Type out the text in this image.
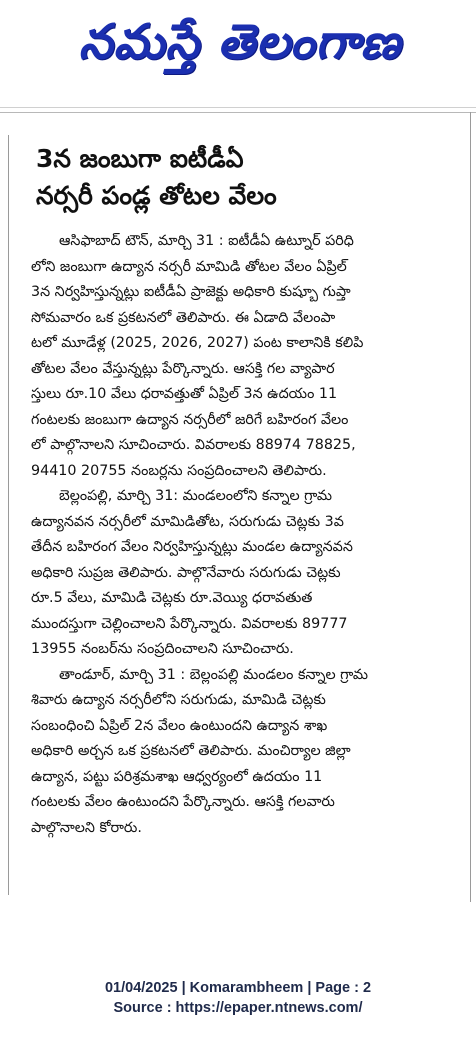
నమస్తే తెలంగాణ
3న జంబుగా ఐటీడీఏ
నర్సరీ పండ్ల తోటల వేలం
ఆసిఫాబాద్ టౌన్, మార్చి 31 : ఐటీడీఏ ఉట్నూర్ పరిధి
లోని జంబుగా ఉద్యాన నర్సరీ మామిడి తోటల వేలం ఏప్రిల్
3న నిర్వహిస్తున్నట్లు ఐటీడీఏ ప్రాజెక్టు అధికారి కుష్బూ గుప్తా
సోమవారం ఒక ప్రకటనలో తెలిపారు. ఈ ఏడాది వేలంపా
టలో మూడేళ్ల (2025, 2026, 2027) పంట కాలానికి కలిపి
తోటల వేలం వేస్తున్నట్లు పేర్కొన్నారు. ఆసక్తి గల వ్యాపార
స్తులు రూ.10 వేలు ధరావత్తుతో ఏప్రిల్ 3న ఉదయం 11
గంటలకు జంబుగా ఉద్యాన నర్సరీలో జరిగే బహిరంగ వేలం
లో పాల్గొనాలని సూచించారు. వివరాలకు 88974 78825,
94410 20755 నంబర్లను సంప్రదించాలని తెలిపారు.
బెల్లంపల్లి, మార్చి 31: మండలంలోని కన్నాల గ్రామ
ఉద్యానవన నర్సరీలో మామిడితోట, సరుగుడు చెట్లకు 3వ
తేదీన బహిరంగ వేలం నిర్వహిస్తున్నట్లు మండల ఉద్యానవన
అధికారి సుప్రజ తెలిపారు. పాల్గొనేవారు సరుగుడు చెట్లకు
రూ.5 వేలు, మామిడి చెట్లకు రూ.వెయ్యి ధరావతుత
ముందస్తుగా చెల్లించాలని పేర్కొన్నారు. వివరాలకు 89777
13955 నంబర్‌ను సంప్రదించాలని సూచించారు.
తాండూర్, మార్చి 31 : బెల్లంపల్లి మండలం కన్నాల గ్రామ
శివారు ఉద్యాన నర్సరీలోని సరుగుడు, మామిడి చెట్లకు
సంబంధించి ఏప్రిల్ 2న వేలం ఉంటుందని ఉద్యాన శాఖ
అధికారి అర్చన ఒక ప్రకటనలో తెలిపారు. మంచిర్యాల జిల్లా
ఉద్యాన, పట్టు పరిశ్రమశాఖ ఆధ్వర్యంలో ఉదయం 11
గంటలకు వేలం ఉంటుందని పేర్కొన్నారు. ఆసక్తి గలవారు
పాల్గొనాలని కోరారు.
01/04/2025 | Komarambheem | Page : 2
Source : https://epaper.ntnews.com/
